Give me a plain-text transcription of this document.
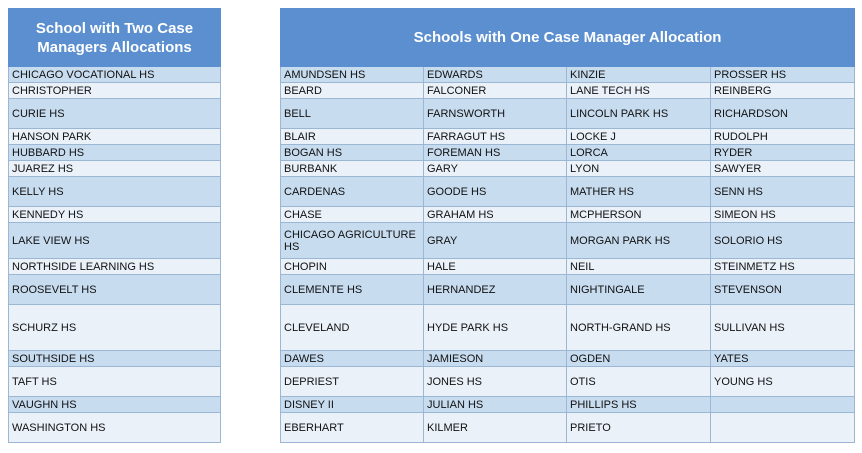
School with Two Case Managers Allocations
CHICAGO VOCATIONAL HS
CHRISTOPHER
CURIE HS
HANSON PARK
HUBBARD HS
JUAREZ HS
KELLY HS
KENNEDY HS
LAKE VIEW HS
NORTHSIDE LEARNING HS
ROOSEVELT HS
SCHURZ HS
SOUTHSIDE HS
TAFT HS
VAUGHN HS
WASHINGTON HS
Schools with One Case Manager Allocation			
AMUNDSEN HS	EDWARDS	KINZIE	PROSSER HS
BEARD	FALCONER	LANE TECH HS	REINBERG
BELL	FARNSWORTH	LINCOLN PARK HS	RICHARDSON
BLAIR	FARRAGUT HS	LOCKE J	RUDOLPH
BOGAN HS	FOREMAN HS	LORCA	RYDER
BURBANK	GARY	LYON	SAWYER
CARDENAS	GOODE HS	MATHER HS	SENN HS
CHASE	GRAHAM HS	MCPHERSON	SIMEON HS
CHICAGO AGRICULTURE HS	GRAY	MORGAN PARK HS	SOLORIO HS
CHOPIN	HALE	NEIL	STEINMETZ HS
CLEMENTE HS	HERNANDEZ	NIGHTINGALE	STEVENSON
CLEVELAND	HYDE PARK HS	NORTH-GRAND HS	SULLIVAN HS
DAWES	JAMIESON	OGDEN	YATES
DEPRIEST	JONES HS	OTIS	YOUNG HS
DISNEY II	JULIAN HS	PHILLIPS HS	
EBERHART	KILMER	PRIETO	
